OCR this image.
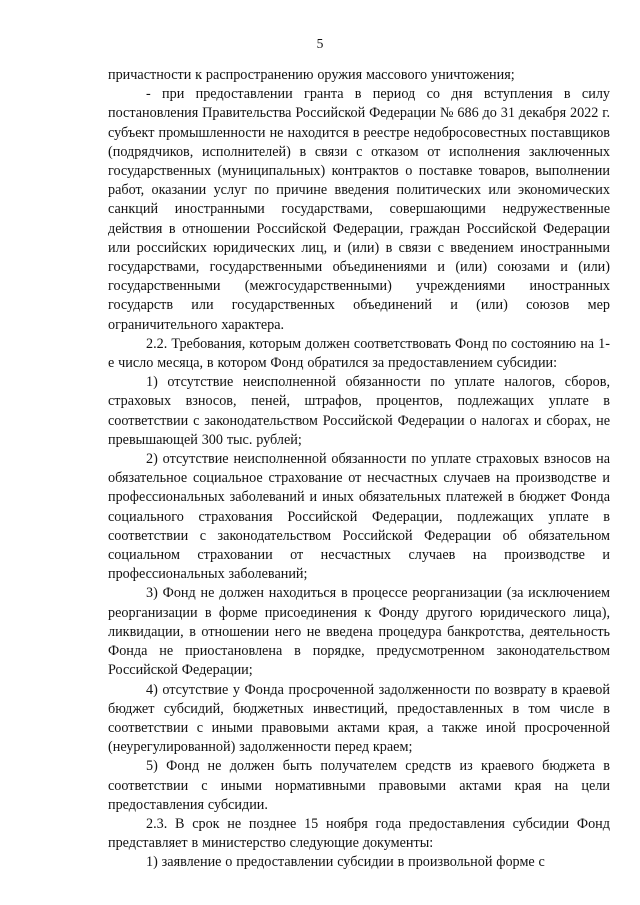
5

причастности к распространению оружия массового уничтожения;

- при предоставлении гранта в период со дня вступления в силу постановления Правительства Российской Федерации № 686 до 31 декабря 2022 г. субъект промышленности не находится в реестре недобросовестных поставщиков (подрядчиков, исполнителей) в связи с отказом от исполнения заключенных государственных (муниципальных) контрактов о поставке товаров, выполнении работ, оказании услуг по причине введения политических или экономических санкций иностранными государствами, совершающими недружественные действия в отношении Российской Федерации, граждан Российской Федерации или российских юридических лиц, и (или) в связи с введением иностранными государствами, государственными объединениями и (или) союзами и (или) государственными (межгосударственными) учреждениями иностранных государств или государственных объединений и (или) союзов мер ограничительного характера.

2.2. Требования, которым должен соответствовать Фонд по состоянию на 1-е число месяца, в котором Фонд обратился за предоставлением субсидии:

1) отсутствие неисполненной обязанности по уплате налогов, сборов, страховых взносов, пеней, штрафов, процентов, подлежащих уплате в соответствии с законодательством Российской Федерации о налогах и сборах, не превышающей 300 тыс. рублей;

2) отсутствие неисполненной обязанности по уплате страховых взносов на обязательное социальное страхование от несчастных случаев на производстве и профессиональных заболеваний и иных обязательных платежей в бюджет Фонда социального страхования Российской Федерации, подлежащих уплате в соответствии с законодательством Российской Федерации об обязательном социальном страховании от несчастных случаев на производстве и профессиональных заболеваний;

3) Фонд не должен находиться в процессе реорганизации (за исключением реорганизации в форме присоединения к Фонду другого юридического лица), ликвидации, в отношении него не введена процедура банкротства, деятельность Фонда не приостановлена в порядке, предусмотренном законодательством Российской Федерации;

4) отсутствие у Фонда просроченной задолженности по возврату в краевой бюджет субсидий, бюджетных инвестиций, предоставленных в том числе в соответствии с иными правовыми актами края, а также иной просроченной (неурегулированной) задолженности перед краем;

5) Фонд не должен быть получателем средств из краевого бюджета в соответствии с иными нормативными правовыми актами края на цели предоставления субсидии.

2.3. В срок не позднее 15 ноября года предоставления субсидии Фонд представляет в министерство следующие документы:

1) заявление о предоставлении субсидии в произвольной форме с
